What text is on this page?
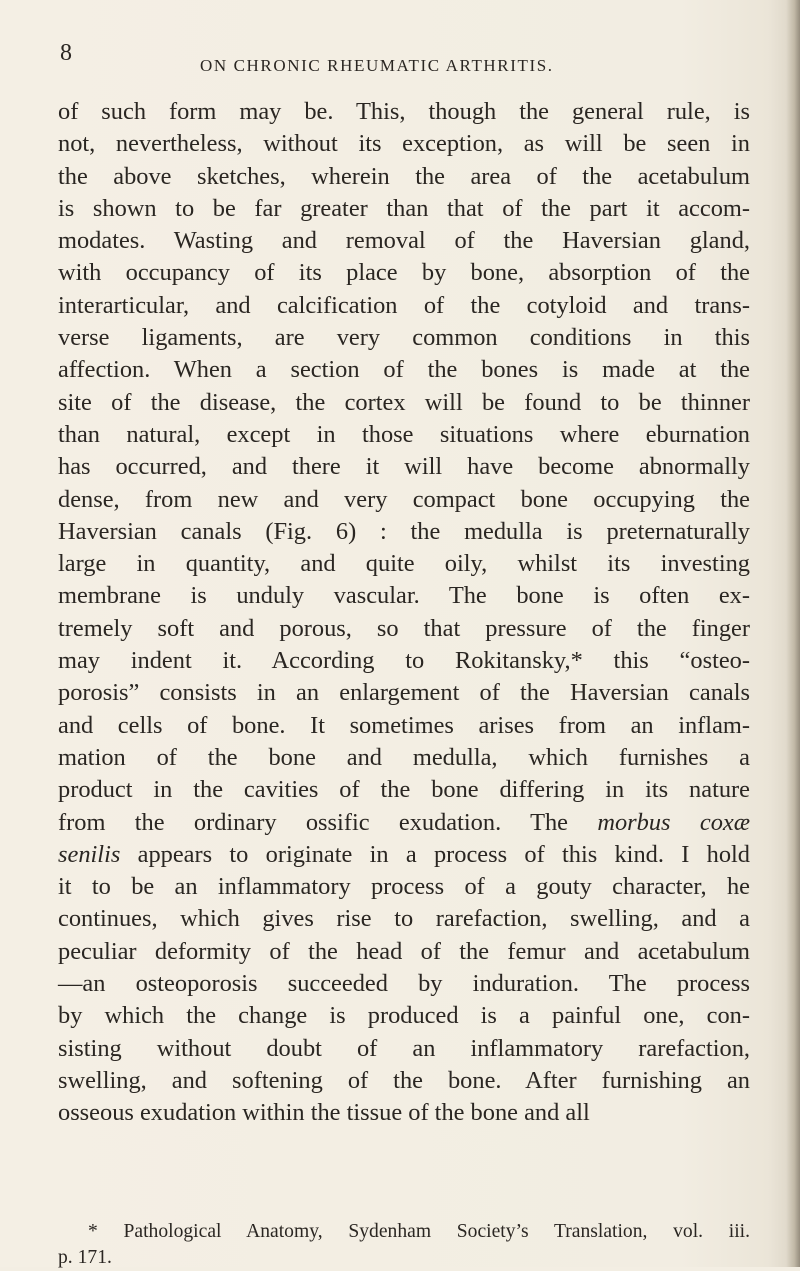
8	ON CHRONIC RHEUMATIC ARTHRITIS.
of such form may be. This, though the general rule, is
not, nevertheless, without its exception, as will be seen in
the above sketches, wherein the area of the acetabulum
is shown to be far greater than that of the part it accom-
modates. Wasting and removal of the Haversian gland,
with occupancy of its place by bone, absorption of the
interarticular, and calcification of the cotyloid and trans-
verse ligaments, are very common conditions in this
affection. When a section of the bones is made at the
site of the disease, the cortex will be found to be thinner
than natural, except in those situations where eburnation
has occurred, and there it will have become abnormally
dense, from new and very compact bone occupying the
Haversian canals (Fig. 6) : the medulla is preternaturally
large in quantity, and quite oily, whilst its investing
membrane is unduly vascular. The bone is often ex-
tremely soft and porous, so that pressure of the finger
may indent it. According to Rokitansky,* this “osteo-
porosis” consists in an enlargement of the Haversian canals
and cells of bone. It sometimes arises from an inflam-
mation of the bone and medulla, which furnishes a
product in the cavities of the bone differing in its nature
from the ordinary ossific exudation. The morbus coxæ
senilis appears to originate in a process of this kind. I hold
it to be an inflammatory process of a gouty character, he
continues, which gives rise to rarefaction, swelling, and a
peculiar deformity of the head of the femur and acetabulum
—an osteoporosis succeeded by induration. The process
by which the change is produced is a painful one, con-
sisting without doubt of an inflammatory rarefaction,
swelling, and softening of the bone. After furnishing an
osseous exudation within the tissue of the bone and all
* Pathological Anatomy, Sydenham Society’s Translation, vol. iii.
p. 171.
